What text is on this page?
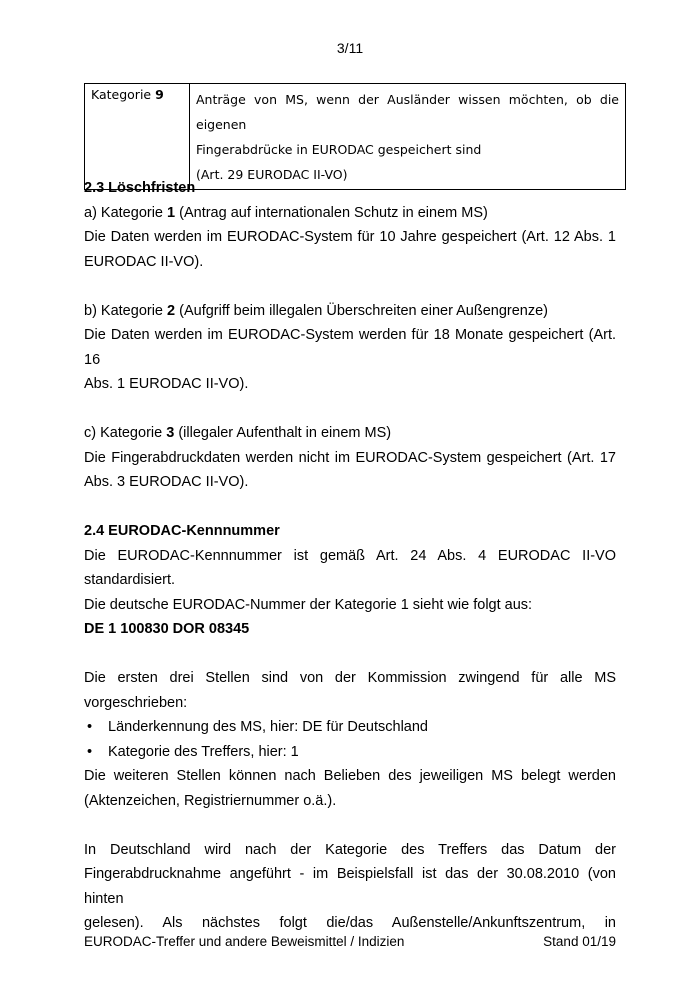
3/11
Kategorie 9	Anträge von MS, wenn der Ausländer wissen möchten, ob die eigenen
Fingerabdrücke in EURODAC gespeichert sind
(Art. 29 EURODAC II-VO)

2.3 Löschfristen

a) Kategorie 1 (Antrag auf internationalen Schutz in einem MS)

Die Daten werden im EURODAC-System für 10 Jahre gespeichert (Art. 12 Abs. 1

EURODAC II-VO).

b) Kategorie 2 (Aufgriff beim illegalen Überschreiten einer Außengrenze)

Die Daten werden im EURODAC-System werden für 18 Monate gespeichert (Art. 16

Abs. 1 EURODAC II-VO).

c) Kategorie 3 (illegaler Aufenthalt in einem MS)

Die Fingerabdruckdaten werden nicht im EURODAC-System gespeichert (Art. 17

Abs. 3 EURODAC II-VO).

2.4 EURODAC-Kennnummer

Die EURODAC-Kennnummer ist gemäß Art. 24 Abs. 4 EURODAC II-VO

standardisiert.

Die deutsche EURODAC-Nummer der Kategorie 1 sieht wie folgt aus:

DE 1 100830 DOR 08345

Die ersten drei Stellen sind von der Kommission zwingend für alle MS

vorgeschrieben:

• Länderkennung des MS, hier: DE für Deutschland

• Kategorie des Treffers, hier: 1

Die weiteren Stellen können nach Belieben des jeweiligen MS belegt werden

(Aktenzeichen, Registriernummer o.ä.).

In Deutschland wird nach der Kategorie des Treffers das Datum der

Fingerabdrucknahme angeführt - im Beispielsfall ist das der 30.08.2010 (von hinten

gelesen). Als nächstes folgt die/das Außenstelle/Ankunftszentrum, in

EURODAC-Treffer und andere Beweismittel / Indizien	Stand 01/19
